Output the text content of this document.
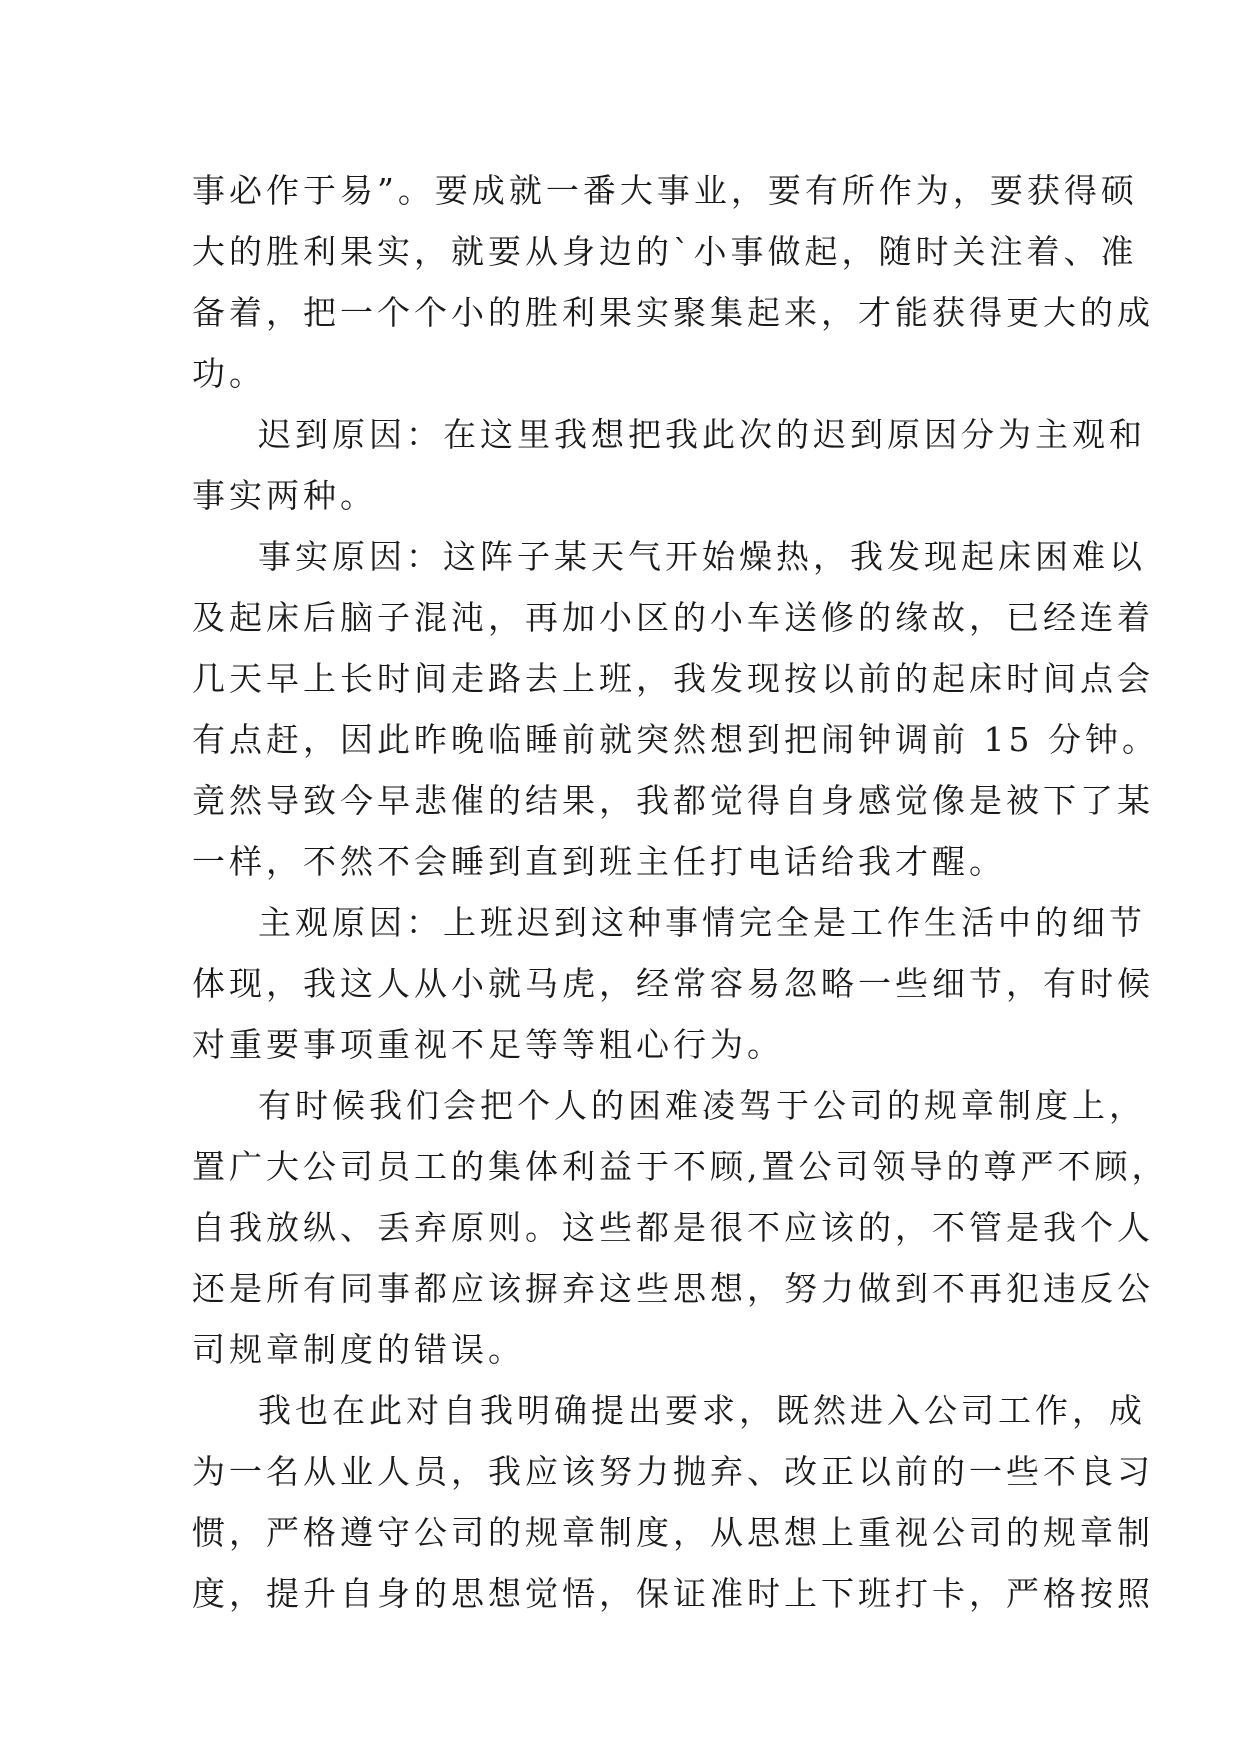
事必作于易”。要成就一番大事业，要有所作为，要获得硕
大的胜利果实，就要从身边的`小事做起，随时关注着、准
备着，把一个个小的胜利果实聚集起来，才能获得更大的成
功。
迟到原因：在这里我想把我此次的迟到原因分为主观和
事实两种。
事实原因：这阵子某天气开始燥热，我发现起床困难以
及起床后脑子混沌，再加小区的小车送修的缘故，已经连着
几天早上长时间走路去上班，我发现按以前的起床时间点会
有点赶，因此昨晚临睡前就突然想到把闹钟调前 15 分钟。
竟然导致今早悲催的结果，我都觉得自身感觉像是被下了某
一样，不然不会睡到直到班主任打电话给我才醒。
主观原因：上班迟到这种事情完全是工作生活中的细节
体现，我这人从小就马虎，经常容易忽略一些细节，有时候
对重要事项重视不足等等粗心行为。
有时候我们会把个人的困难凌驾于公司的规章制度上，
置广大公司员工的集体利益于不顾,置公司领导的尊严不顾，
自我放纵、丢弃原则。这些都是很不应该的，不管是我个人
还是所有同事都应该摒弃这些思想，努力做到不再犯违反公
司规章制度的错误。
我也在此对自我明确提出要求，既然进入公司工作，成
为一名从业人员，我应该努力抛弃、改正以前的一些不良习
惯，严格遵守公司的规章制度，从思想上重视公司的规章制
度，提升自身的思想觉悟，保证准时上下班打卡，严格按照
